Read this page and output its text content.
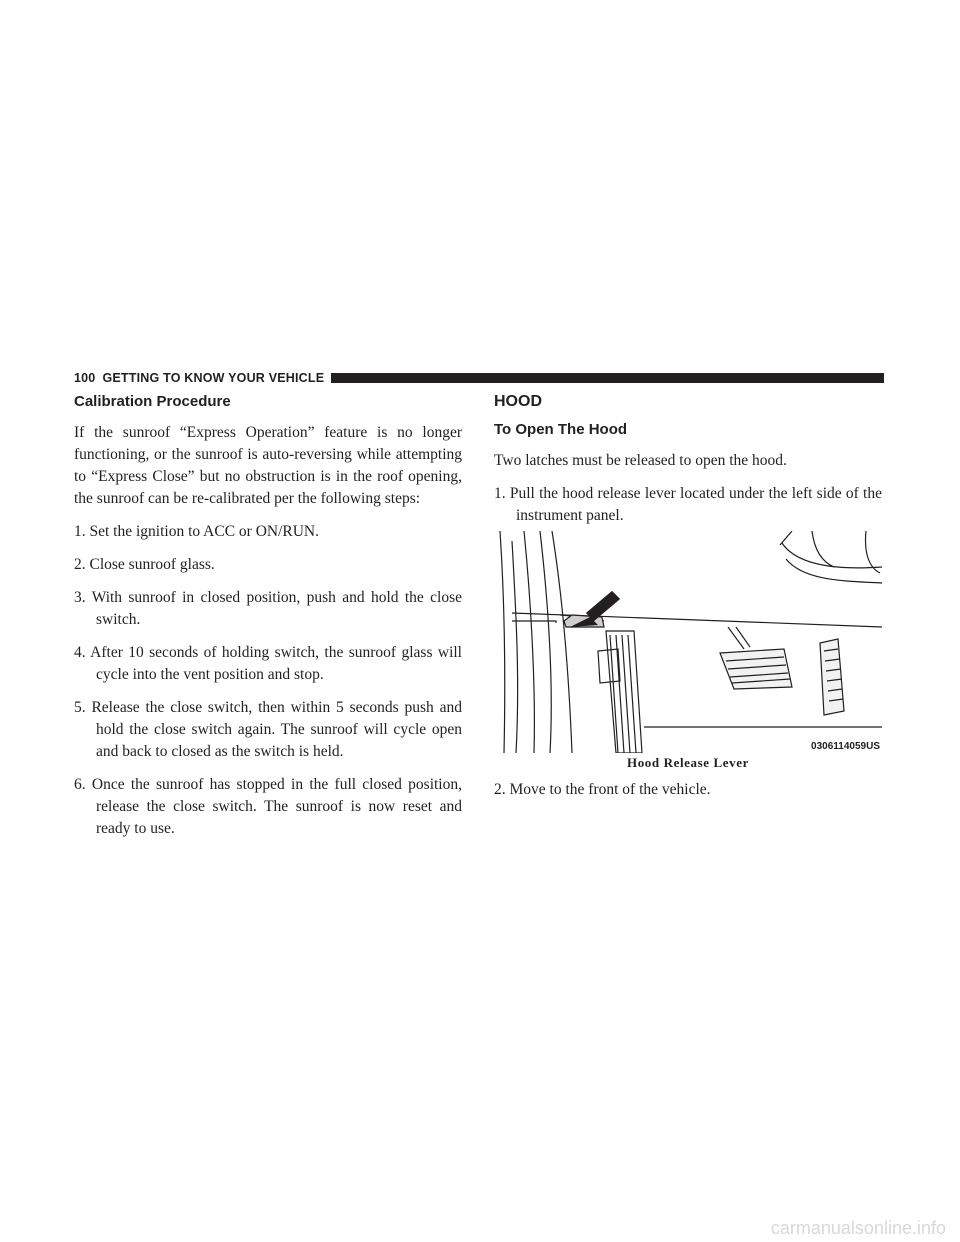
100 GETTING TO KNOW YOUR VEHICLE
Calibration Procedure

If the sunroof “Express Operation” feature is no longer functioning, or the sunroof is auto-reversing while attempting to “Express Close” but no obstruction is in the roof opening, the sunroof can be re-calibrated per the following steps:

1. Set the ignition to ACC or ON/RUN.
2. Close sunroof glass.
3. With sunroof in closed position, push and hold the close switch.
4. After 10 seconds of holding switch, the sunroof glass will cycle into the vent position and stop.
5. Release the close switch, then within 5 seconds push and hold the close switch again. The sunroof will cycle open and back to closed as the switch is held.
6. Once the sunroof has stopped in the full closed position, release the close switch. The sunroof is now reset and ready to use.
HOOD
To Open The Hood

Two latches must be released to open the hood.

1. Pull the hood release lever located under the left side of the instrument panel.
0306114059US
Hood Release Lever
2. Move to the front of the vehicle.
carmanualsonline.info
